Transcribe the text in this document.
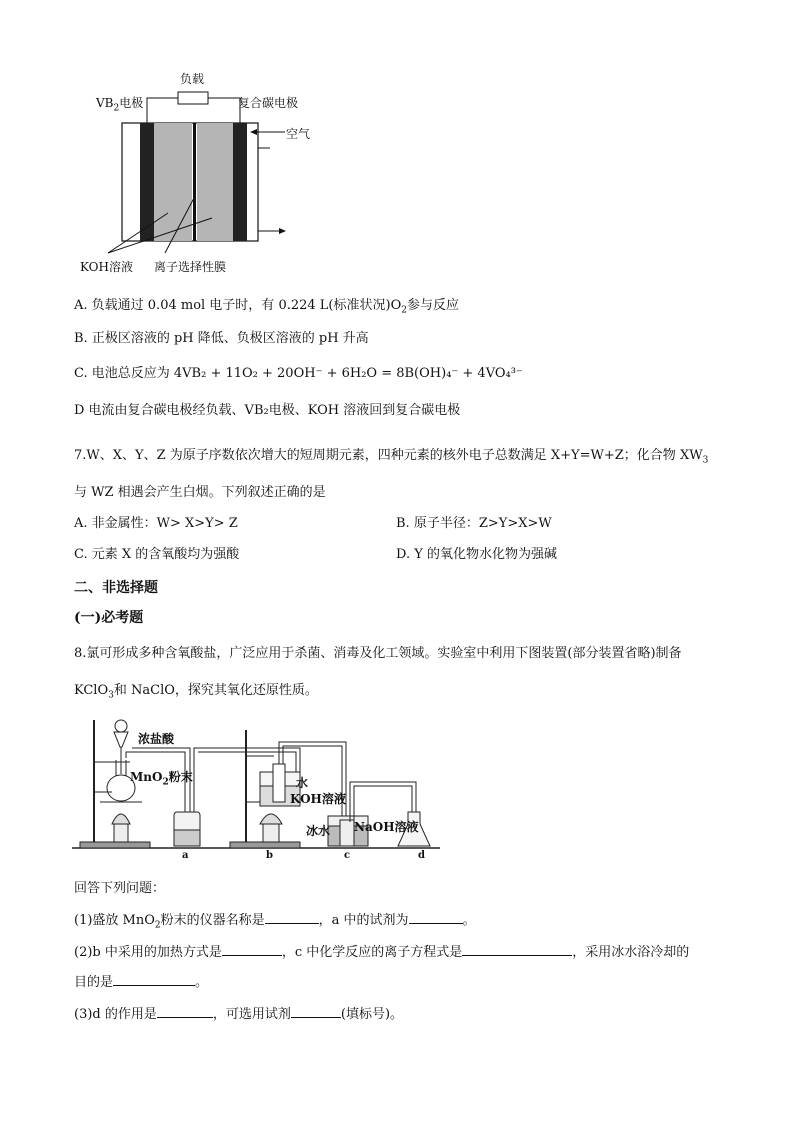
负载
$VB_2$电极	复合碳电极
空气
KOH溶液 离子选择性膜
A. 负载通过 0.04 mol 电子时，有 0.224 L(标准状况)$O_2$参与反应
B. 正极区溶液的 pH 降低、负极区溶液的 pH 升高
C. 电池总反应为 4VB₂ + 11O₂ + 20OH⁻ + 6H₂O = 8B(OH)₄⁻ + 4VO₄³⁻
D 电流由复合碳电极经负载、VB₂电极、KOH 溶液回到复合碳电极
7.W、X、Y、Z 为原子序数依次增大的短周期元素，四种元素的核外电子总数满足 X+Y=W+Z；化合物 $XW_3$
与 WZ 相遇会产生白烟。下列叙述正确的是
A. 非金属性：W> X>Y> Z	B. 原子半径：Z>Y>X>W
C. 元素 X 的含氧酸均为强酸	D. Y 的氧化物水化物为强碱
二、非选择题
(一)必考题
8.氯可形成多种含氧酸盐，广泛应用于杀菌、消毒及化工领域。实验室中利用下图装置(部分装置省略)制备
KClO$_3$和 NaClO，探究其氧化还原性质。
浓盐酸
MnO$_2$粉末	水
KOH溶液
冰水 NaOH溶液
a	b	c	d
回答下列问题：
(1)盛放 MnO$_2$粉末的仪器名称是	，a 中的试剂为	。
(2)b 中采用的加热方式是	，c 中化学反应的离子方程式是	，采用冰水浴冷却的
目的是	。
(3)d 的作用是	，可选用试剂	(填标号)。
